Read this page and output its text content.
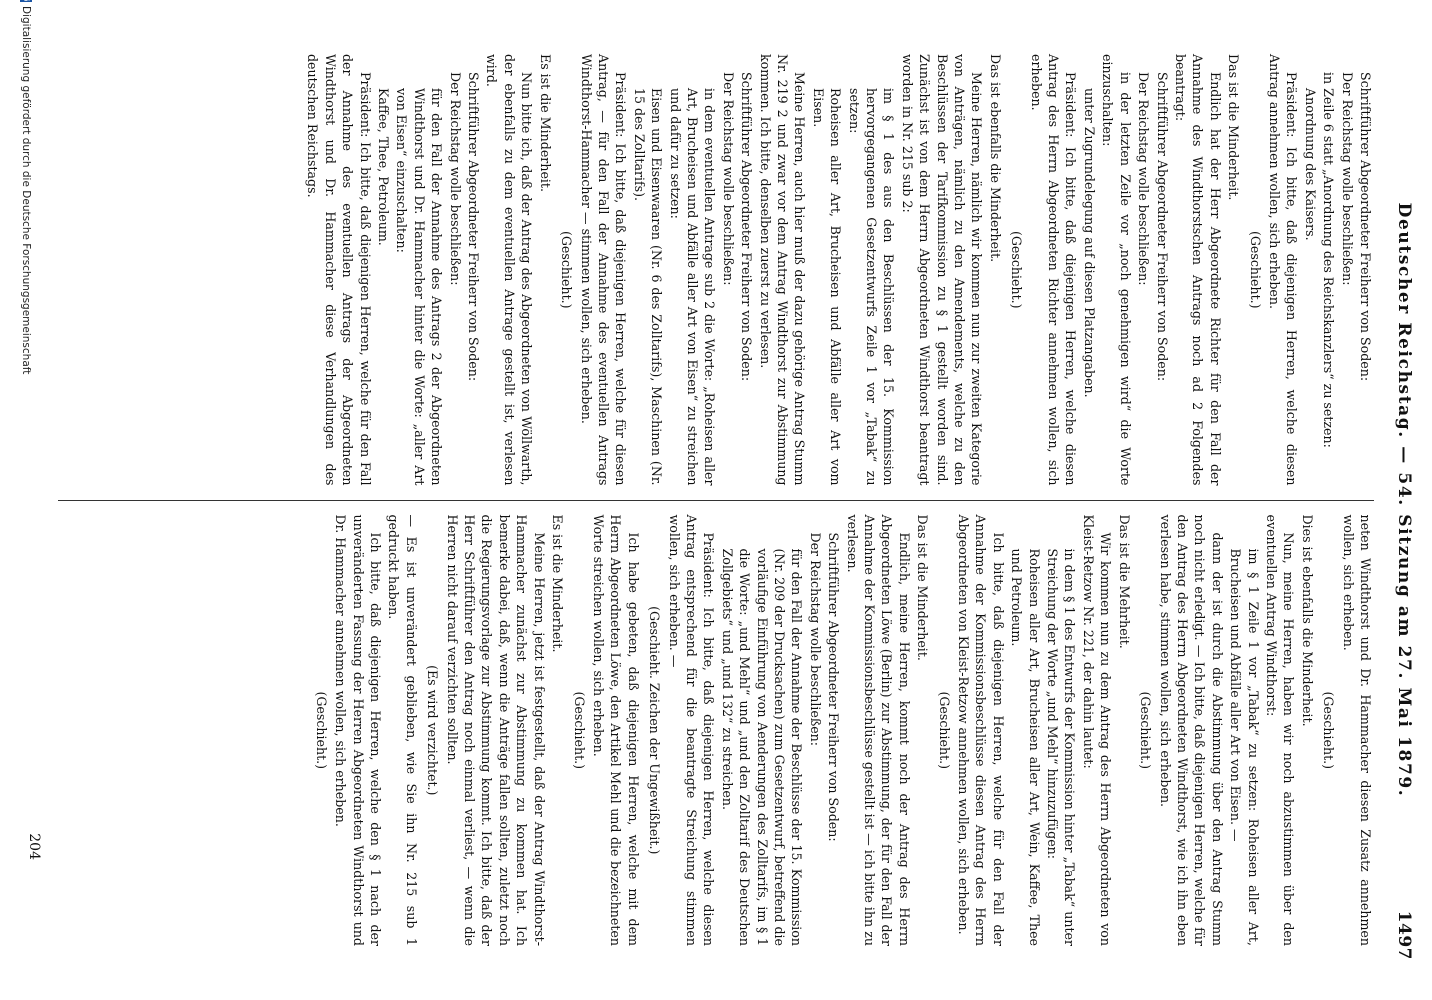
Deutscher Reichstag. — 54. Sitzung am 27. Mai 1879.
1497

Schriftführer Abgeordneter Freiherr von Soden:

Der Reichstag wolle beschließen:

in Zeile 6 statt „Anordnung des Reichskanzlers“ zu setzen:

Anordnung des Kaisers.

Präsident: Ich bitte, daß diejenigen Herren, welche diesen Antrag annehmen wollen, sich erheben.

(Geschieht.)

Das ist die Minderheit.

Endlich hat der Herr Abgeordnete Richter für den Fall der Annahme des Windthorstschen Antrags noch ad 2 Folgendes beantragt:

Schriftführer Abgeordneter Freiherr von Soden:

Der Reichstag wolle beschließen:

in der letzten Zeile vor „noch genehmigen wird“ die Worte einzuschalten:

unter Zugrundelegung auf diesen Platzangaben.

Präsident: Ich bitte, daß diejenigen Herren, welche diesen Antrag des Herrn Abgeordneten Richter annehmen wollen, sich erheben.

(Geschieht.)

Das ist ebenfalls die Minderheit.

Meine Herren, nämlich wir kommen nun zur zweiten Kategorie von Anträgen, nämlich zu den Amendements, welche zu den Beschlüssen der Tarifkommission zu § 1 gestellt worden sind. Zunächst ist von dem Herrn Abgeordneten Windthorst beantragt worden in Nr. 215 sub 2:

im § 1 des aus den Beschlüssen der 15. Kommission hervorgegangenen Gesetzentwurfs Zeile 1 vor „Tabak“ zu setzen:

Roheisen aller Art, Brucheisen und Abfälle aller Art vom Eisen.

Meine Herren, auch hier muß der dazu gehörige Antrag Stumm Nr. 219 2 und zwar vor dem Antrag Windthorst zur Abstimmung kommen. Ich bitte, denselben zuerst zu verlesen.

Schriftführer Abgeordneter Freiherr von Soden:

Der Reichstag wolle beschließen:

in dem eventuellen Antrage sub 2 die Worte: „Roheisen aller Art, Brucheisen und Abfälle aller Art von Eisen“ zu streichen und dafür zu setzen:

Eisen und Eisenwaaren (Nr. 6 des Zolltarifs), Maschinen (Nr. 15 des Zolltarifs).

Präsident: Ich bitte, daß diejenigen Herren, welche für diesen Antrag, — für den Fall der Annahme des eventuellen Antrags Windthorst-Hammacher — stimmen wollen, sich erheben.

(Geschieht.)

Es ist die Minderheit.

Nun bitte ich, daß der Antrag des Abgeordneten von Wöllwarth, der ebenfalls zu dem eventuellen Antrage gestellt ist, verlesen wird.

Schriftführer Abgeordneter Freiherr von Soden:

Der Reichstag wolle beschließen:

für den Fall der Annahme des Antrags 2 der Abgeordneten Windthorst und Dr. Hammacher hinter die Worte: „aller Art von Eisen“ einzuschalten:

Kaffee, Thee, Petroleum.

Präsident: Ich bitte, daß diejenigen Herren, welche für den Fall der Annahme des eventuellen Antrags der Abgeordneten Windthorst und Dr. Hammacher diese Verhandlungen des deutschen Reichstags.

neten Windthorst und Dr. Hammacher diesen Zusatz annehmen wollen, sich erheben.

(Geschieht.)

Dies ist ebenfalls die Minderheit.

Nun, meine Herren, haben wir noch abzustimmen über den eventuellen Antrag Windthorst:

im § 1 Zeile 1 vor „Tabak“ zu setzen: Roheisen aller Art, Brucheisen und Abfälle aller Art von Eisen. —

dann der ist durch die Abstimmung über den Antrag Stumm noch nicht erledigt. — Ich bitte, daß diejenigen Herren, welche für den Antrag des Herrn Abgeordneten Windthorst, wie ich ihn eben verlesen habe, stimmen wollen, sich erheben.

(Geschieht.)

Das ist die Mehrheit.

Wir kommen nun zu dem Antrag des Herrn Abgeordneten von Kleist-Retzow Nr. 221, der dahin lautet:

in dem § 1 des Entwurfs der Kommission hinter „Tabak“ unter Streichung der Worte „und Mehl“ hinzuzufügen:

Roheisen aller Art, Brucheisen aller Art, Wein, Kaffee, Thee und Petroleum.

Ich bitte, daß diejenigen Herren, welche für den Fall der Annahme der Kommissionsbeschlüsse diesen Antrag des Herrn Abgeordneten von Kleist-Retzow annehmen wollen, sich erheben.

(Geschieht.)

Das ist die Minderheit.

Endlich, meine Herren, kommt noch der Antrag des Herrn Abgeordneten Löwe (Berlin) zur Abstimmung, der für den Fall der Annahme der Kommissionsbeschlüsse gestellt ist — ich bitte ihn zu verlesen.

Schriftführer Abgeordneter Freiherr von Soden:

Der Reichstag wolle beschließen:

für den Fall der Annahme der Beschlüsse der 15. Kommission (Nr. 209 der Drucksachen) zum Gesetzentwurf, betreffend die vorläufige Einführung von Aenderungen des Zolltarifs, im § 1 die Worte: „und Mehl“ und „und den Zolltarif des Deutschen Zollgebiets“ und „und 132“ zu streichen.

Präsident: Ich bitte, daß diejenigen Herren, welche diesen Antrag entsprechend für die beantragte Streichung stimmen wollen, sich erheben. —

(Geschieht. Zeichen der Ungewißheit.)

Ich habe gebeten, daß diejenigen Herren, welche mit dem Herrn Abgeordneten Löwe, den Artikel Mehl und die bezeichneten Worte streichen wollen, sich erheben.

(Geschieht.)

Es ist die Minderheit.

Meine Herren, jetzt ist festgestellt, daß der Antrag Windthorst-Hammacher zunächst zur Abstimmung zu kommen hat. Ich bemerke dabei, daß, wenn die Anträge fallen sollten, zuletzt noch die Regierungsvorlage zur Abstimmung kommt. Ich bitte, daß der Herr Schriftführer den Antrag noch einmal verliest, — wenn die Herren nicht darauf verzichten sollten.

(Es wird verzichtet.)

— Es ist unverändert geblieben, wie Sie ihn Nr. 215 sub 1 gedruckt haben.

Ich bitte, daß diejenigen Herren, welche den § 1 nach der unveränderten Fassung der Herren Abgeordneten Windthorst und Dr. Hammacher annehmen wollen, sich erheben.

(Geschieht.)

204
Digitalisierung gefördert durch die Deutsche Forschungsgemeinschaft
